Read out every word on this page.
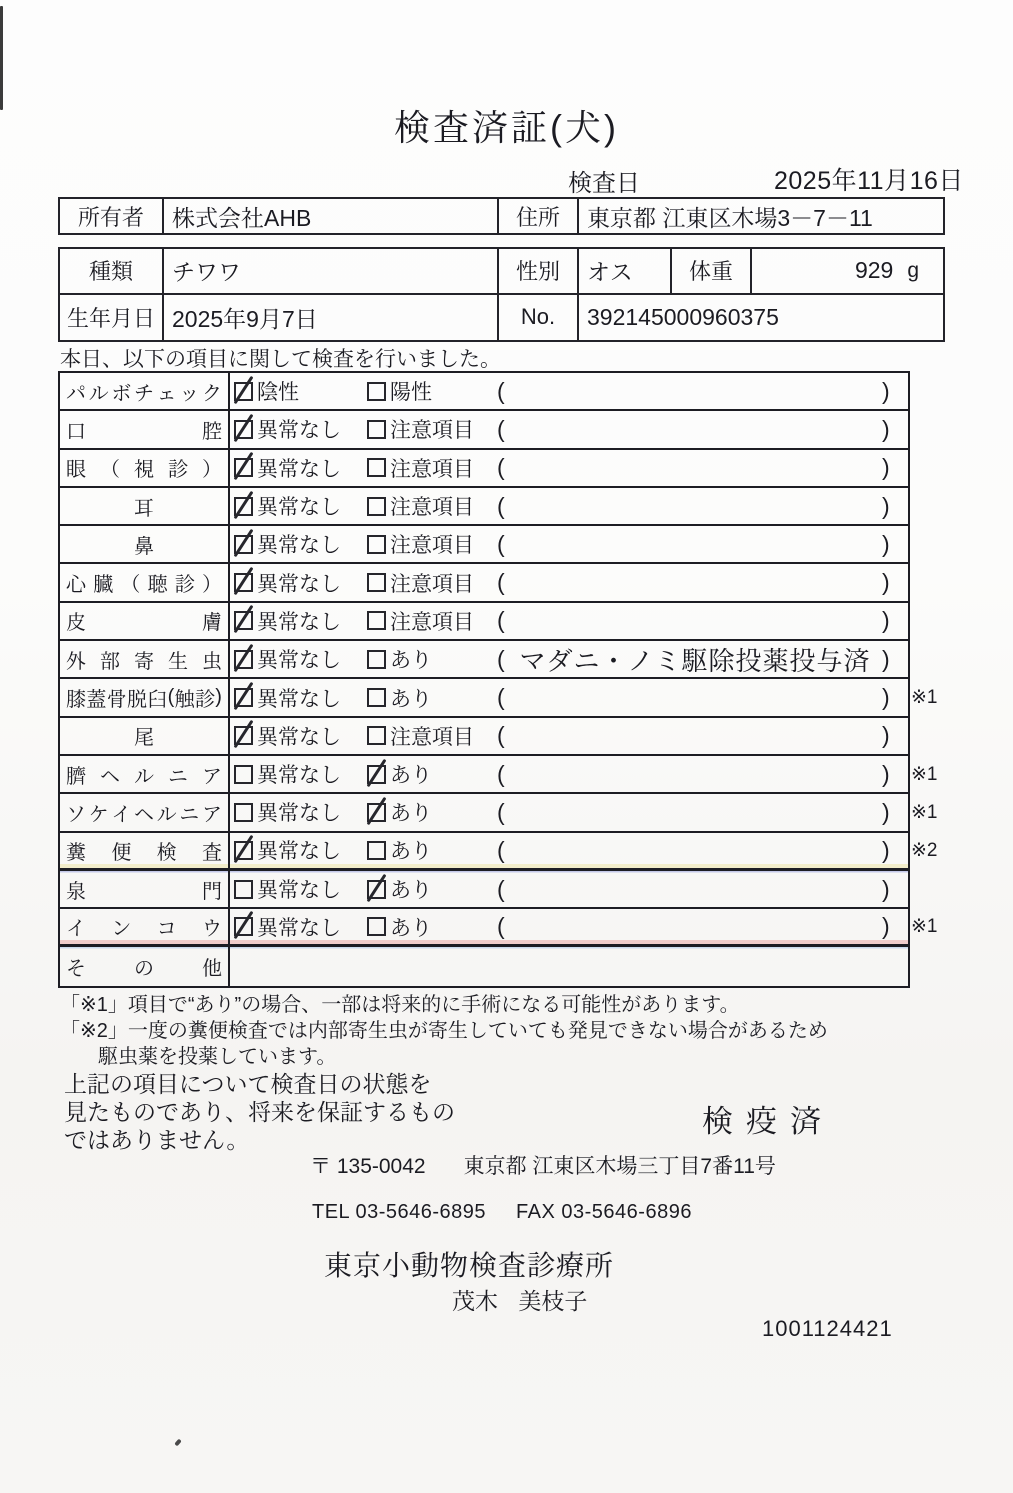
検査済証(犬)
検査日	2025年11月16日
所有者	株式会社AHB	住所	東京都 江東区木場3－7－11
種類	チワワ	性別	オス	体重	929 g
生年月日 2025年9月7日	No.	392145000960375
本日、以下の項目に関して検査を行いました。
パ ル ボ チ ェ ッ ク 陰性	陽性	(	)
口	腔 異常なし 注意項目 (	)
眼 （ 視 診 ） 異常なし 注意項目 (	)
耳	異常なし 注意項目 (	)
鼻	異常なし 注意項目 (	)
心 臓 （ 聴 診 ） 異常なし 注意項目 (	)
皮	膚 異常なし 注意項目 (	)
外 部 寄 生 虫 異常なし あり	( マダニ・ノミ駆除投薬投与済 )
膝 蓋 骨 脱 臼 ( 触 診 ) 異常なし あり	(	) ※1
尾	異常なし 注意項目 (	)
臍 ヘ ル ニ ア 異常なし あり	(	) ※1
ソ ケ イ ヘ ル ニ ア 異常なし あり	(	) ※1
糞 便 検 査 異常なし あり	(	) ※2
泉	門 異常なし あり	(	)
イ ン コ ウ 異常なし あり	(	) ※1
そ の 他
「※1」項目で“あり”の場合、一部は将来的に手術になる可能性があります。
「※2」一度の糞便検査では内部寄生虫が寄生していても発見できない場合があるため
駆虫薬を投薬しています。
上記の項目について検査日の状態を
見たものであり、将来を保証するもの
ではありません。
検疫済
〒 135-0042 東京都 江東区木場三丁目7番11号
TEL 03-5646-6895 FAX 03-5646-6896
東京小動物検査診療所
茂木 美枝子
1001124421
